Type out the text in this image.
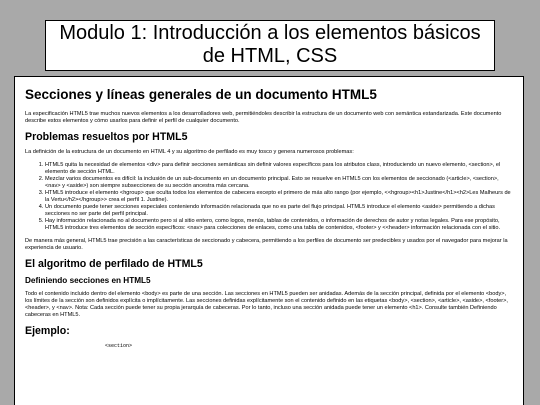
Modulo 1: Introducción a los elementos básicos
de HTML, CSS
Secciones y líneas generales de un documento HTML5

La especificación HTML5 trae muchos nuevos elementos a los desarrolladores web, permitiéndoles describir la estructura de un documento web con semántica estandarizada. Este documento describe estos elementos y cómo usarlos para definir el perfil de cualquier documento.

Problemas resueltos por HTML5

La definición de la estructura de un documento en HTML 4 y su algoritmo de perfilado es muy tosco y genera numerosos problemas:

1. HTML5 quita la necesidad de elementos <div> para definir secciones semánticas sin definir valores específicos para los atributos class, introduciendo un nuevo elemento, <section>, el elemento de sección HTML.
2. Mezclar varios documentos es difícil: la inclusión de un sub-documento en un documento principal. Esto se resuelve en HTML5 con los elementos de seccionado (<article>, <section>, <nav> y <aside>) son siempre subsecciones de su sección ancestra más cercana.
3. HTML5 introduce el elemento <hgroup> que oculta todos los elementos de cabecera excepto el primero de más alto rango (por ejemplo, <<hgroup><h1>Justine</h1><h2>Les Malheurs de la Vertu</h2></hgroup>> crea el perfil 1. Justine).
4. Un documento puede tener secciones especiales conteniendo información relacionada que no es parte del flujo principal. HTML5 introduce el elemento <aside> permitiendo a dichas secciones no ser parte del perfil principal.
5. Hay información relacionada no al documento pero si al sitio entero, como logos, menús, tablas de contenidos, o información de derechos de autor y notas legales. Para ese propósito, HTML5 introduce tres elementos de sección específicos: <nav> para colecciones de enlaces, como una tabla de contenidos, <footer> y <<header> información relacionada con el sitio.

De manera más general, HTML5 trae precisión a las características de seccionado y cabecera, permitiendo a los perfiles de documento ser predecibles y usados por el navegador para mejorar la experiencia de usuario.

El algoritmo de perfilado de HTML5
Definiendo secciones en HTML5

Todo el contenido incluido dentro del elemento <body> es parte de una sección. Las secciones en HTML5 pueden ser anidadas. Además de la sección principal, definida por el elemento <body>, los límites de la sección son definidos explícita o implícitamente. Las secciones definidas explícitamente son el contenido definido en las etiquetas <body>, <section>, <article>, <aside>, <footer>, <header>, y <nav>. Nota: Cada sección puede tener su propia jerarquía de cabeceras. Por lo tanto, incluso una sección anidada puede tener un elemento <h1>. Consulte también Definiendo cabeceras en HTML5.

Ejemplo:
<section>
